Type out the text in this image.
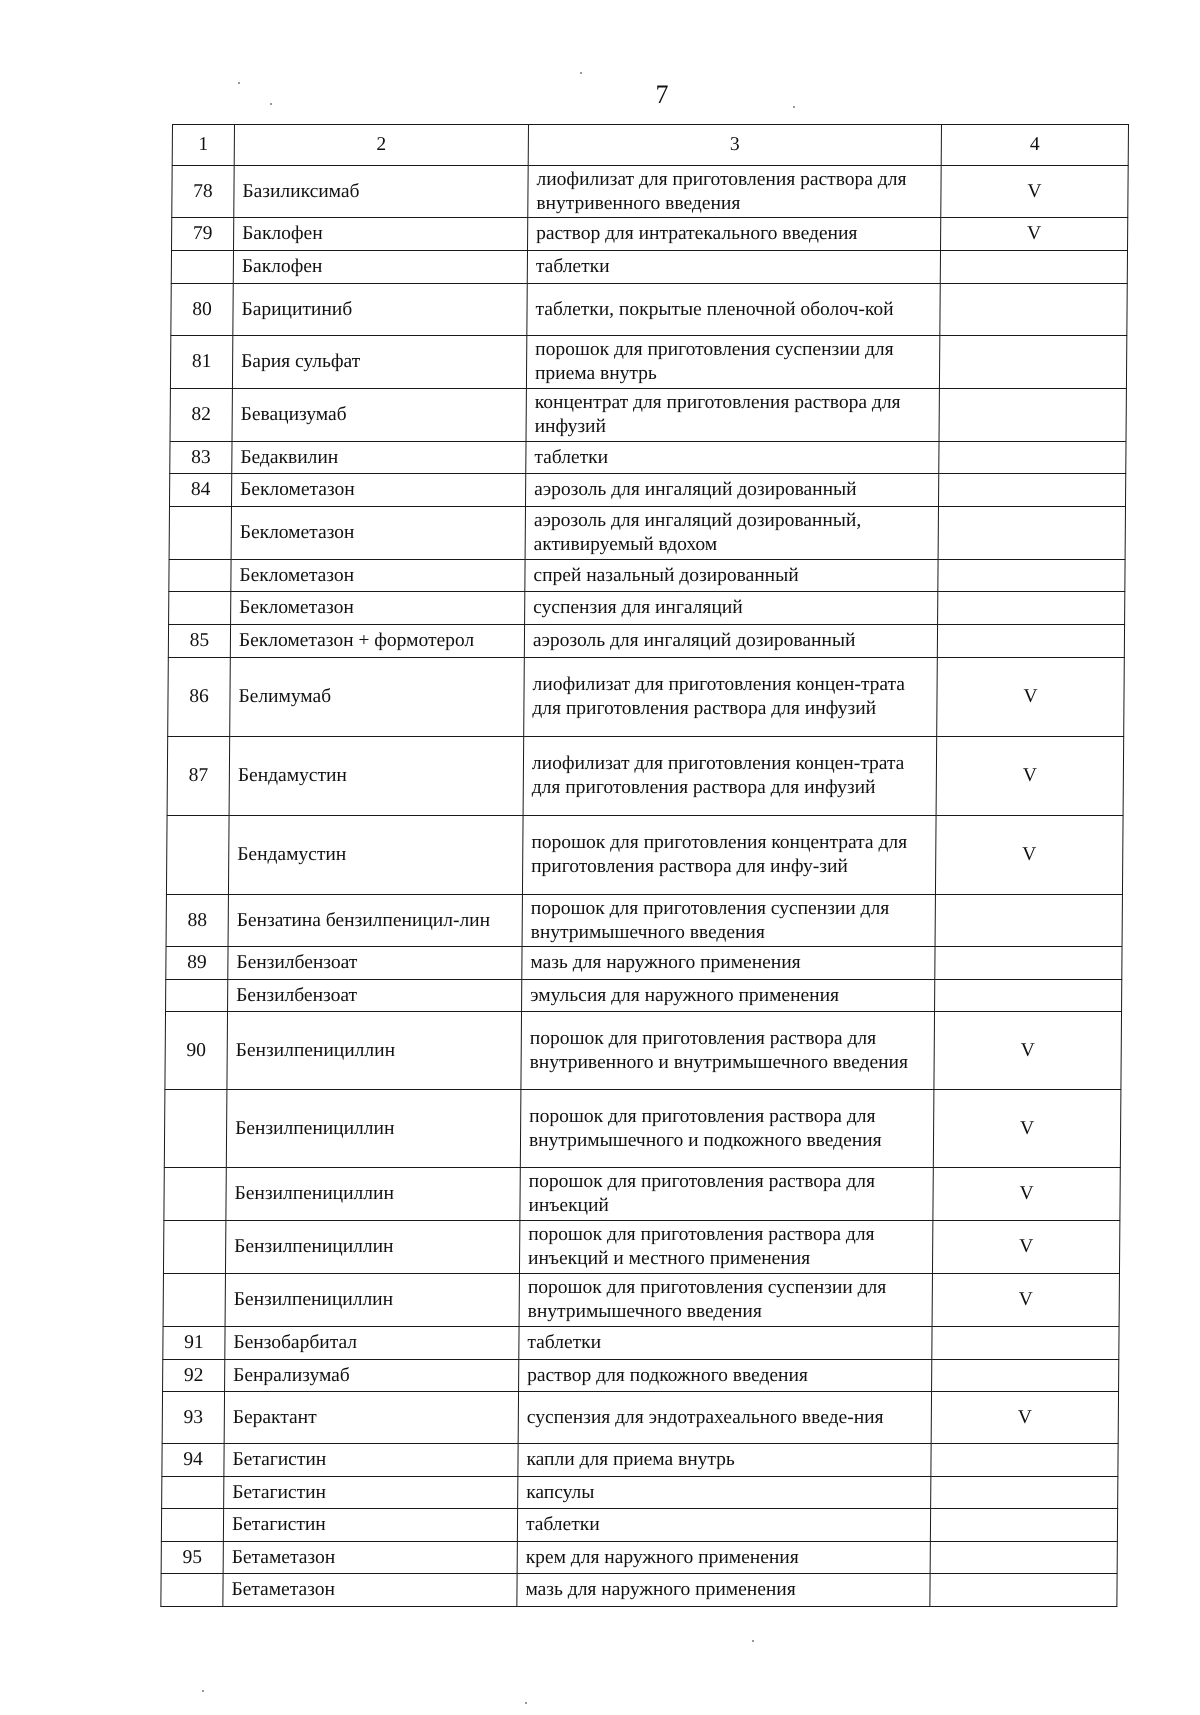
7
1	2	3	4
78	Базиликсимаб	лиофилизат для приготовления раствора для внутривенного введения	V
79	Баклофен	раствор для интратекального введения	V
	Баклофен	таблетки	
80	Барицитиниб	таблетки, покрытые пленочной оболоч-кой	
81	Бария сульфат	порошок для приготовления суспензии для приема внутрь	
82	Бевацизумаб	концентрат для приготовления раствора для инфузий	
83	Бедаквилин	таблетки	
84	Беклометазон	аэрозоль для ингаляций дозированный	
	Беклометазон	аэрозоль для ингаляций дозированный, активируемый вдохом	
	Беклометазон	спрей назальный дозированный	
	Беклометазон	суспензия для ингаляций	
85	Беклометазон + формотерол	аэрозоль для ингаляций дозированный	
86	Белимумаб	лиофилизат для приготовления концен-трата для приготовления раствора для инфузий	V
87	Бендамустин	лиофилизат для приготовления концен-трата для приготовления раствора для инфузий	V
	Бендамустин	порошок для приготовления концентрата для приготовления раствора для инфу-зий	V
88	Бензатина бензилпеницил-лин	порошок для приготовления суспензии для внутримышечного введения	
89	Бензилбензоат	мазь для наружного применения	
	Бензилбензоат	эмульсия для наружного применения	
90	Бензилпенициллин	порошок для приготовления раствора для внутривенного и внутримышечного введения	V
	Бензилпенициллин	порошок для приготовления раствора для внутримышечного и подкожного введения	V
	Бензилпенициллин	порошок для приготовления раствора для инъекций	V
	Бензилпенициллин	порошок для приготовления раствора для инъекций и местного применения	V
	Бензилпенициллин	порошок для приготовления суспензии для внутримышечного введения	V
91	Бензобарбитал	таблетки	
92	Бенрализумаб	раствор для подкожного введения	
93	Берактант	суспензия для эндотрахеального введе-ния	V
94	Бетагистин	капли для приема внутрь	
	Бетагистин	капсулы	
	Бетагистин	таблетки	
95	Бетаметазон	крем для наружного применения	
	Бетаметазон	мазь для наружного применения	
